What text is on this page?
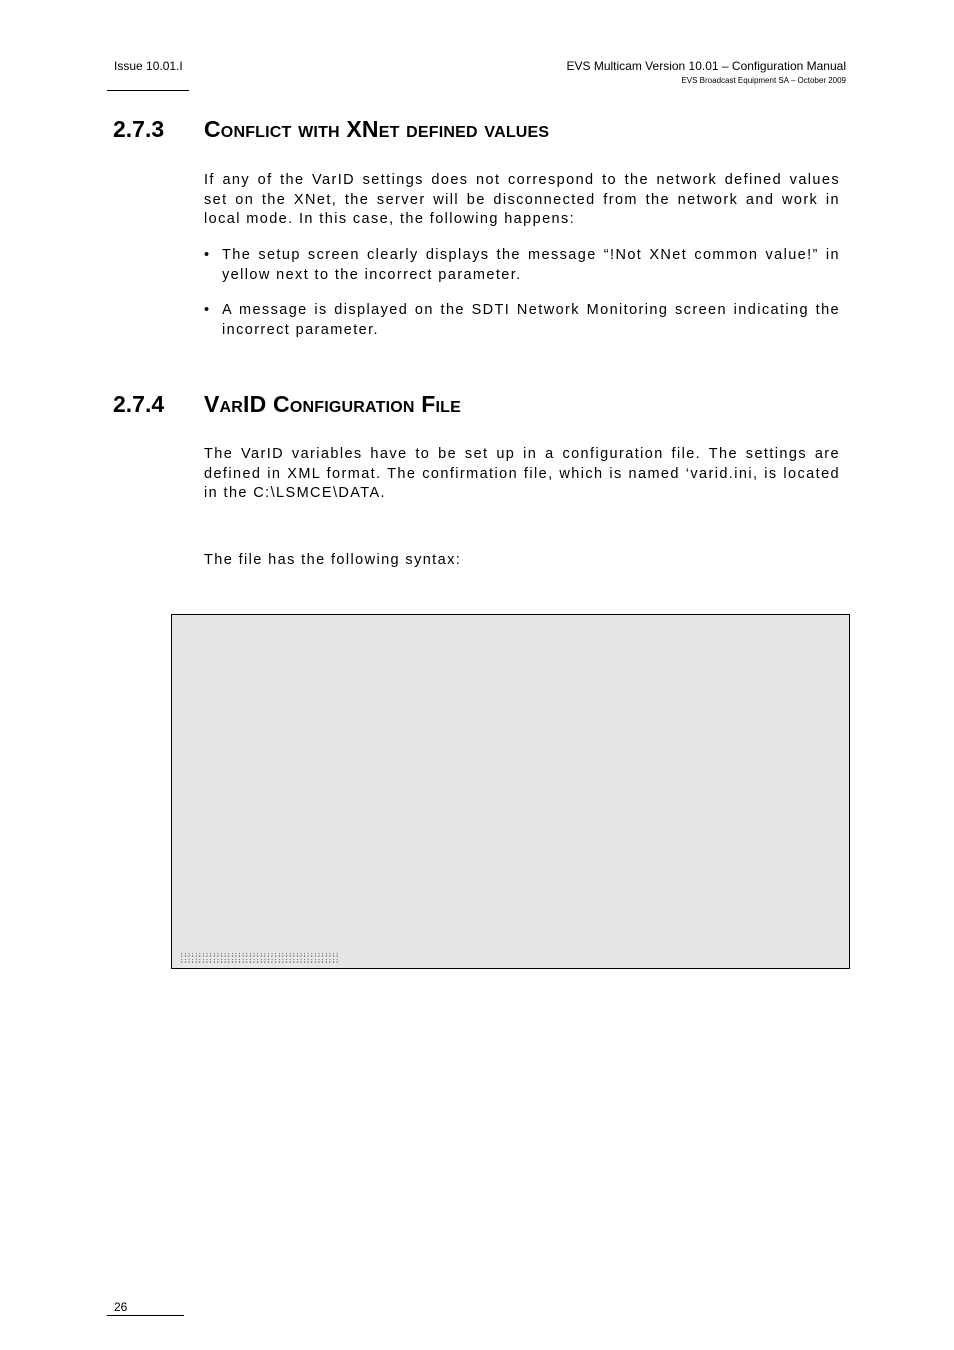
Issue 10.01.I	EVS Multicam Version 10.01 – Configuration Manual
EVS Broadcast Equipment SA – October 2009
2.7.3 Conflict with XNet defined values
If any of the VarID settings does not correspond to the network defined values set on the XNet, the server will be disconnected from the network and work in local mode. In this case, the following happens:
• The setup screen clearly displays the message “!Not XNet common value!” in yellow next to the incorrect parameter.
• A message is displayed on the SDTI Network Monitoring screen indicating the incorrect parameter.
2.7.4 VarID Configuration File
The VarID variables have to be set up in a configuration file. The settings are defined in XML format. The confirmation file, which is named ‘varid.ini, is located in the C:\LSMCE\DATA.
The file has the following syntax:
;;;;;;;;;;;;;;;;;;;;;;;;;;;;;;;;;;;;;;;;;;;;
;;;;;;;;;;;;;;;;;;;;;;;;;;;;;;;;;;;;;;;;;;;;
26
